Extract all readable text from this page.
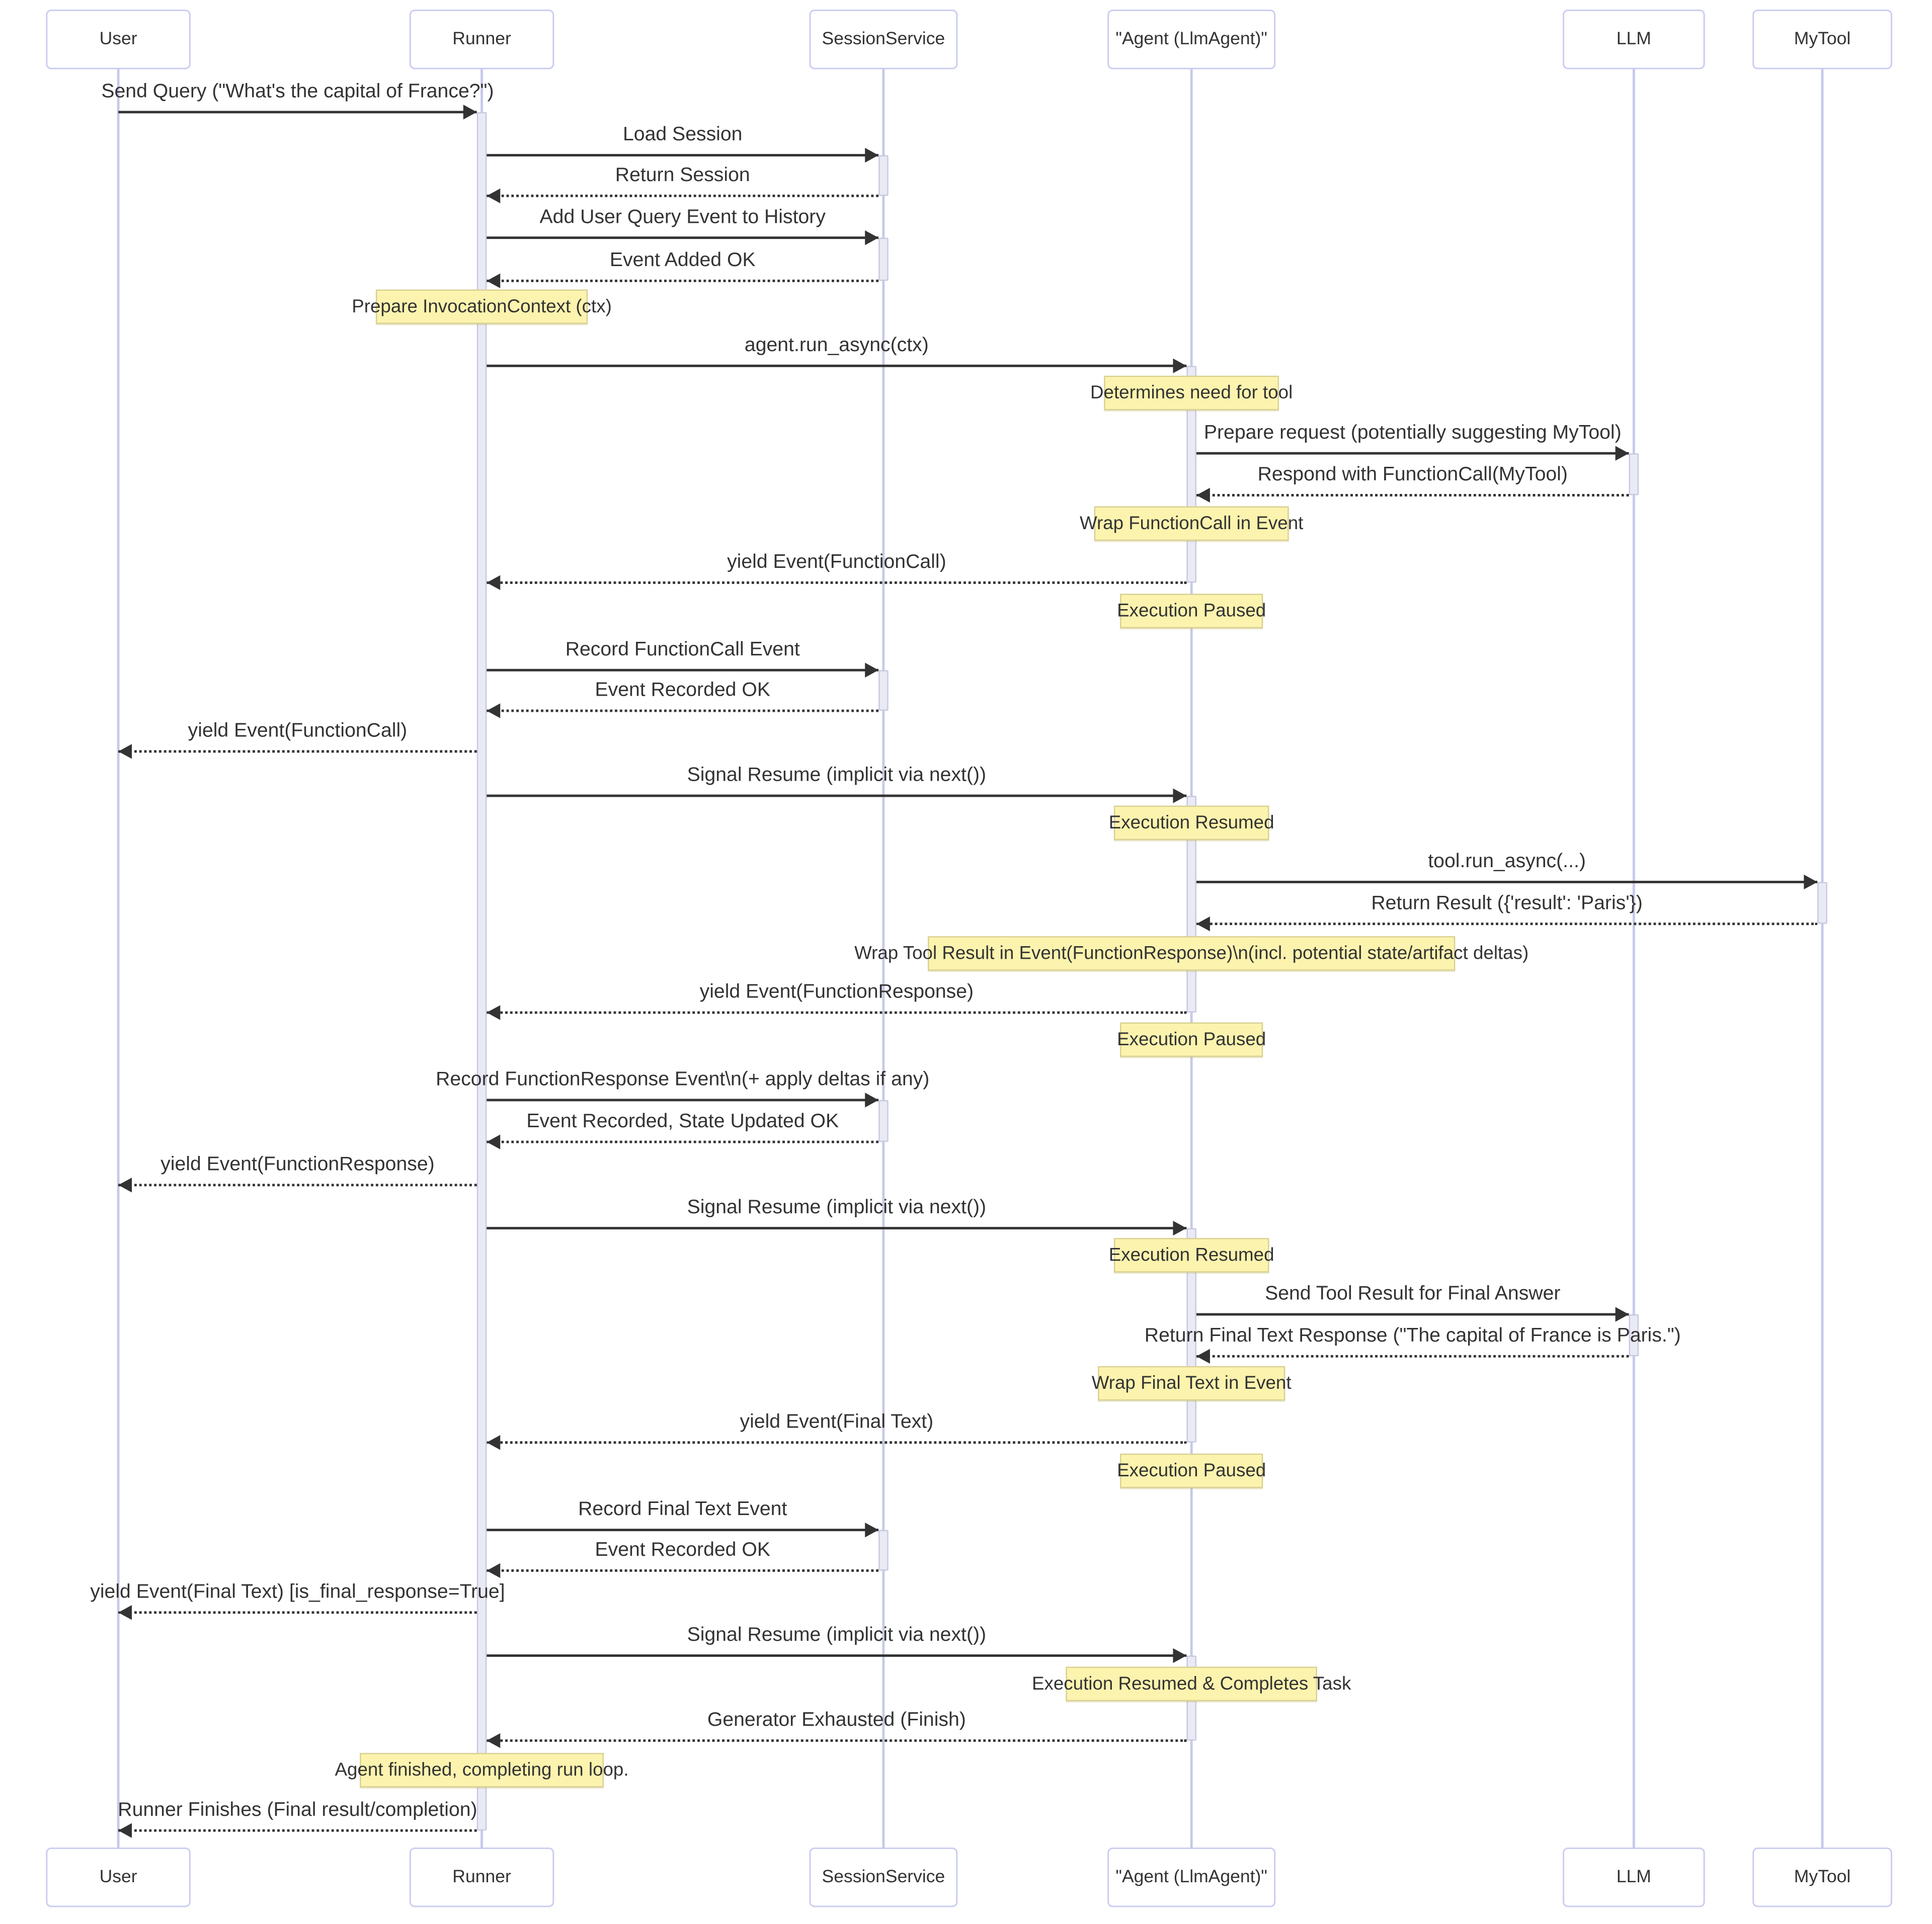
Send Query ("What's the capital of France?")
Load Session
Return Session
Add User Query Event to History
Event Added OK
agent.run_async(ctx)
Prepare request (potentially suggesting MyTool)
Respond with FunctionCall(MyTool)
yield Event(FunctionCall)
Record FunctionCall Event
Event Recorded OK
yield Event(FunctionCall)
Signal Resume (implicit via next())
tool.run_async(...)
Return Result ({'result': 'Paris'})
yield Event(FunctionResponse)
Record FunctionResponse Event\n(+ apply deltas if any)
Event Recorded, State Updated OK
yield Event(FunctionResponse)
Signal Resume (implicit via next())
Send Tool Result for Final Answer
Return Final Text Response ("The capital of France is Paris.")
yield Event(Final Text)
Record Final Text Event
Event Recorded OK
yield Event(Final Text) [is_final_response=True]
Signal Resume (implicit via next())
Generator Exhausted (Finish)
Runner Finishes (Final result/completion)
Prepare InvocationContext (ctx)
Determines need for tool
Wrap FunctionCall in Event
Execution Paused
Execution Resumed
Wrap Tool Result in Event(FunctionResponse)\n(incl. potential state/artifact deltas)
Execution Paused
Execution Resumed
Wrap Final Text in Event
Execution Paused
Execution Resumed & Completes Task
Agent finished, completing run loop.
User
User
Runner
Runner
SessionService
SessionService
"Agent (LlmAgent)"
"Agent (LlmAgent)"
LLM
LLM
MyTool
MyTool
